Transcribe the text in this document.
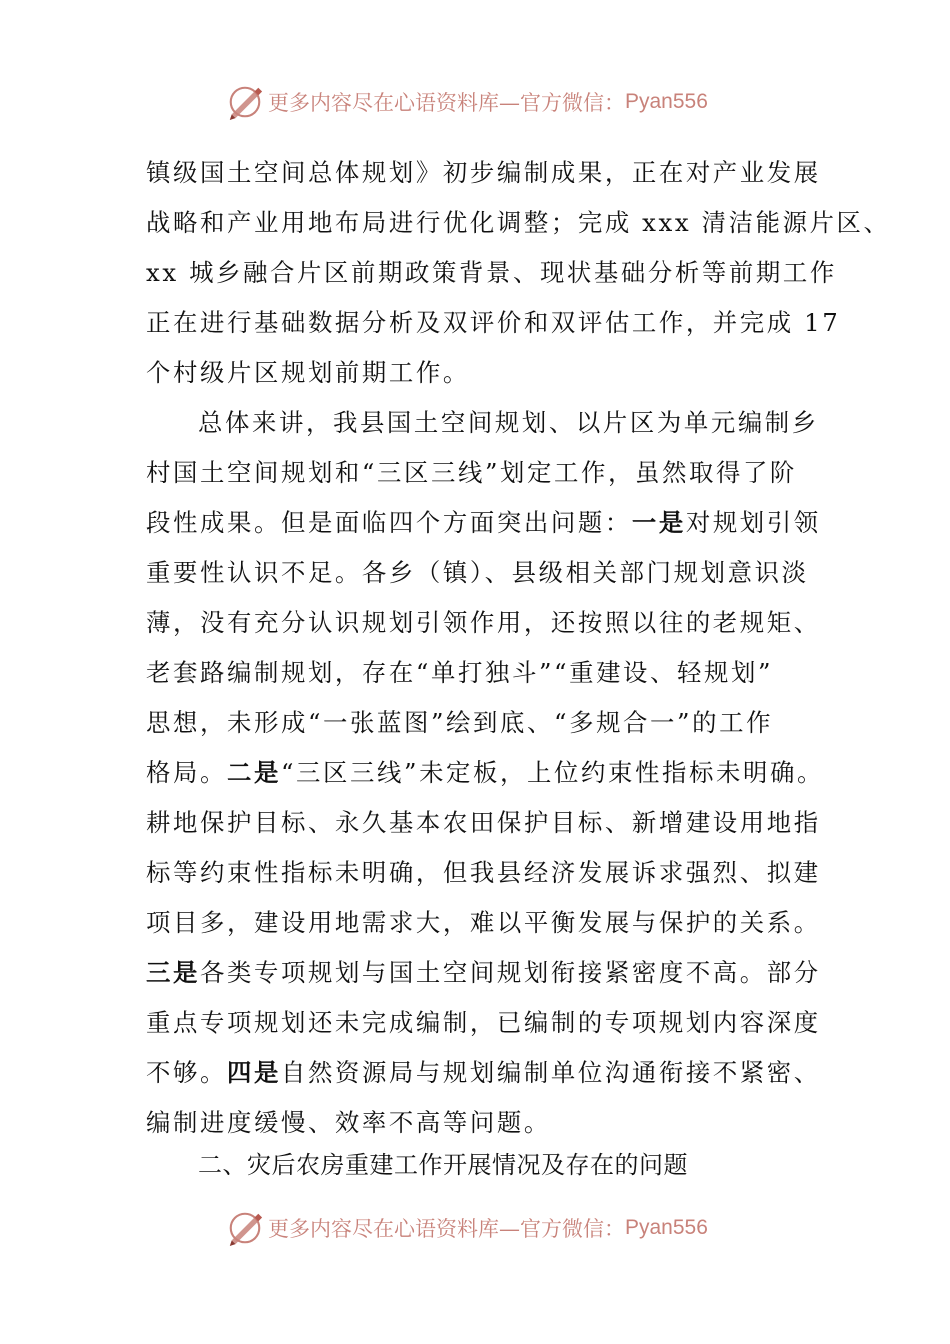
更多内容尽在心语资料库—官方微信： Pyan556
镇级国土空间总体规划》初步编制成果，正在对产业发展
战略和产业用地布局进行优化调整；完成 xxx 清洁能源片区、
xx 城乡融合片区前期政策背景、现状基础分析等前期工作
正在进行基础数据分析及双评价和双评估工作，并完成 17
个村级片区规划前期工作。
总体来讲，我县国土空间规划、以片区为单元编制乡
村国土空间规划和“三区三线”划定工作，虽然取得了阶
段性成果。但是面临四个方面突出问题：一是对规划引领
重要性认识不足。各乡（镇）、县级相关部门规划意识淡
薄，没有充分认识规划引领作用，还按照以往的老规矩、
老套路编制规划，存在“单打独斗”“重建设、轻规划”
思想，未形成“一张蓝图”绘到底、“多规合一”的工作
格局。二是“三区三线”未定板，上位约束性指标未明确。
耕地保护目标、永久基本农田保护目标、新增建设用地指
标等约束性指标未明确，但我县经济发展诉求强烈、拟建
项目多，建设用地需求大，难以平衡发展与保护的关系。
三是各类专项规划与国土空间规划衔接紧密度不高。部分
重点专项规划还未完成编制，已编制的专项规划内容深度
不够。四是自然资源局与规划编制单位沟通衔接不紧密、
编制进度缓慢、效率不高等问题。
二、灾后农房重建工作开展情况及存在的问题
更多内容尽在心语资料库—官方微信： Pyan556
